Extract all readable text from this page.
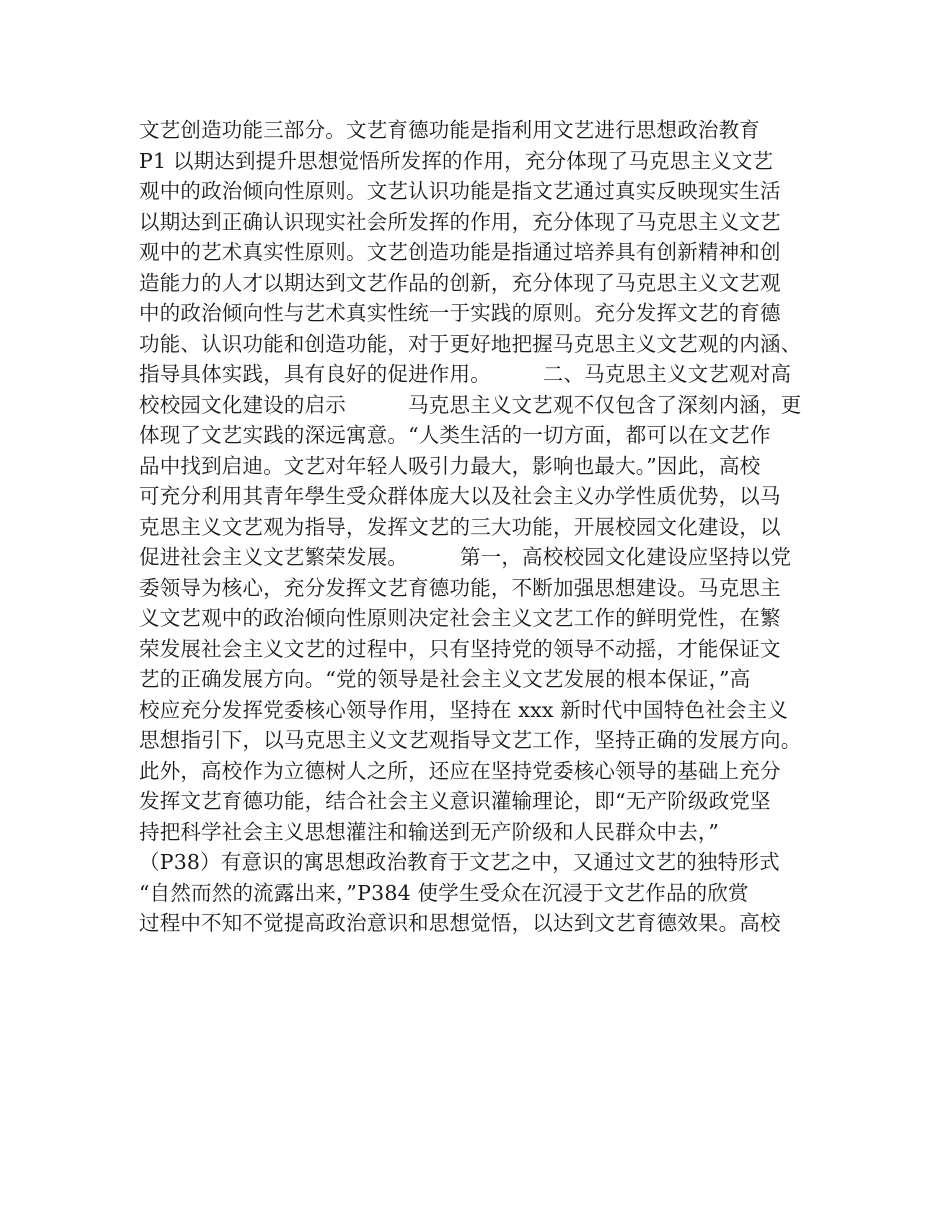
文艺创造功能三部分。文艺育德功能是指利用文艺进行思想政治教育
P1 以期达到提升思想觉悟所发挥的作用，充分体现了马克思主义文艺
观中的政治倾向性原则。文艺认识功能是指文艺通过真实反映现实生活
以期达到正确认识现实社会所发挥的作用，充分体现了马克思主义文艺
观中的艺术真实性原则。文艺创造功能是指通过培养具有创新精神和创
造能力的人才以期达到文艺作品的创新，充分体现了马克思主义文艺观
中的政治倾向性与艺术真实性统一于实践的原则。充分发挥文艺的育德
功能、认识功能和创造功能，对于更好地把握马克思主义文艺观的内涵、
指导具体实践，具有良好的促进作用。　　　二、马克思主义文艺观对高
校校园文化建设的启示　　　马克思主义文艺观不仅包含了深刻内涵，更
体现了文艺实践的深远寓意。“人类生活的一切方面，都可以在文艺作
品中找到启迪。文艺对年轻人吸引力最大，影响也最大。”因此，高校
可充分利用其青年學生受众群体庞大以及社会主义办学性质优势，以马
克思主义文艺观为指导，发挥文艺的三大功能，开展校园文化建设，以
促进社会主义文艺繁荣发展。　　　第一，高校校园文化建设应坚持以党
委领导为核心，充分发挥文艺育德功能，不断加强思想建设。马克思主
义文艺观中的政治倾向性原则决定社会主义文艺工作的鲜明党性，在繁
荣发展社会主义文艺的过程中，只有坚持党的领导不动摇，才能保证文
艺的正确发展方向。“党的领导是社会主义文艺发展的根本保证，”高
校应充分发挥党委核心领导作用，坚持在 xxx 新时代中国特色社会主义
思想指引下，以马克思主义文艺观指导文艺工作，坚持正确的发展方向。
此外，高校作为立德树人之所，还应在坚持党委核心领导的基础上充分
发挥文艺育德功能，结合社会主义意识灌输理论，即“无产阶级政党坚
持把科学社会主义思想灌注和输送到无产阶级和人民群众中去，”
（P38）有意识的寓思想政治教育于文艺之中，又通过文艺的独特形式
“自然而然的流露出来，”P384 使学生受众在沉浸于文艺作品的欣赏
过程中不知不觉提高政治意识和思想觉悟，以达到文艺育德效果。高校
